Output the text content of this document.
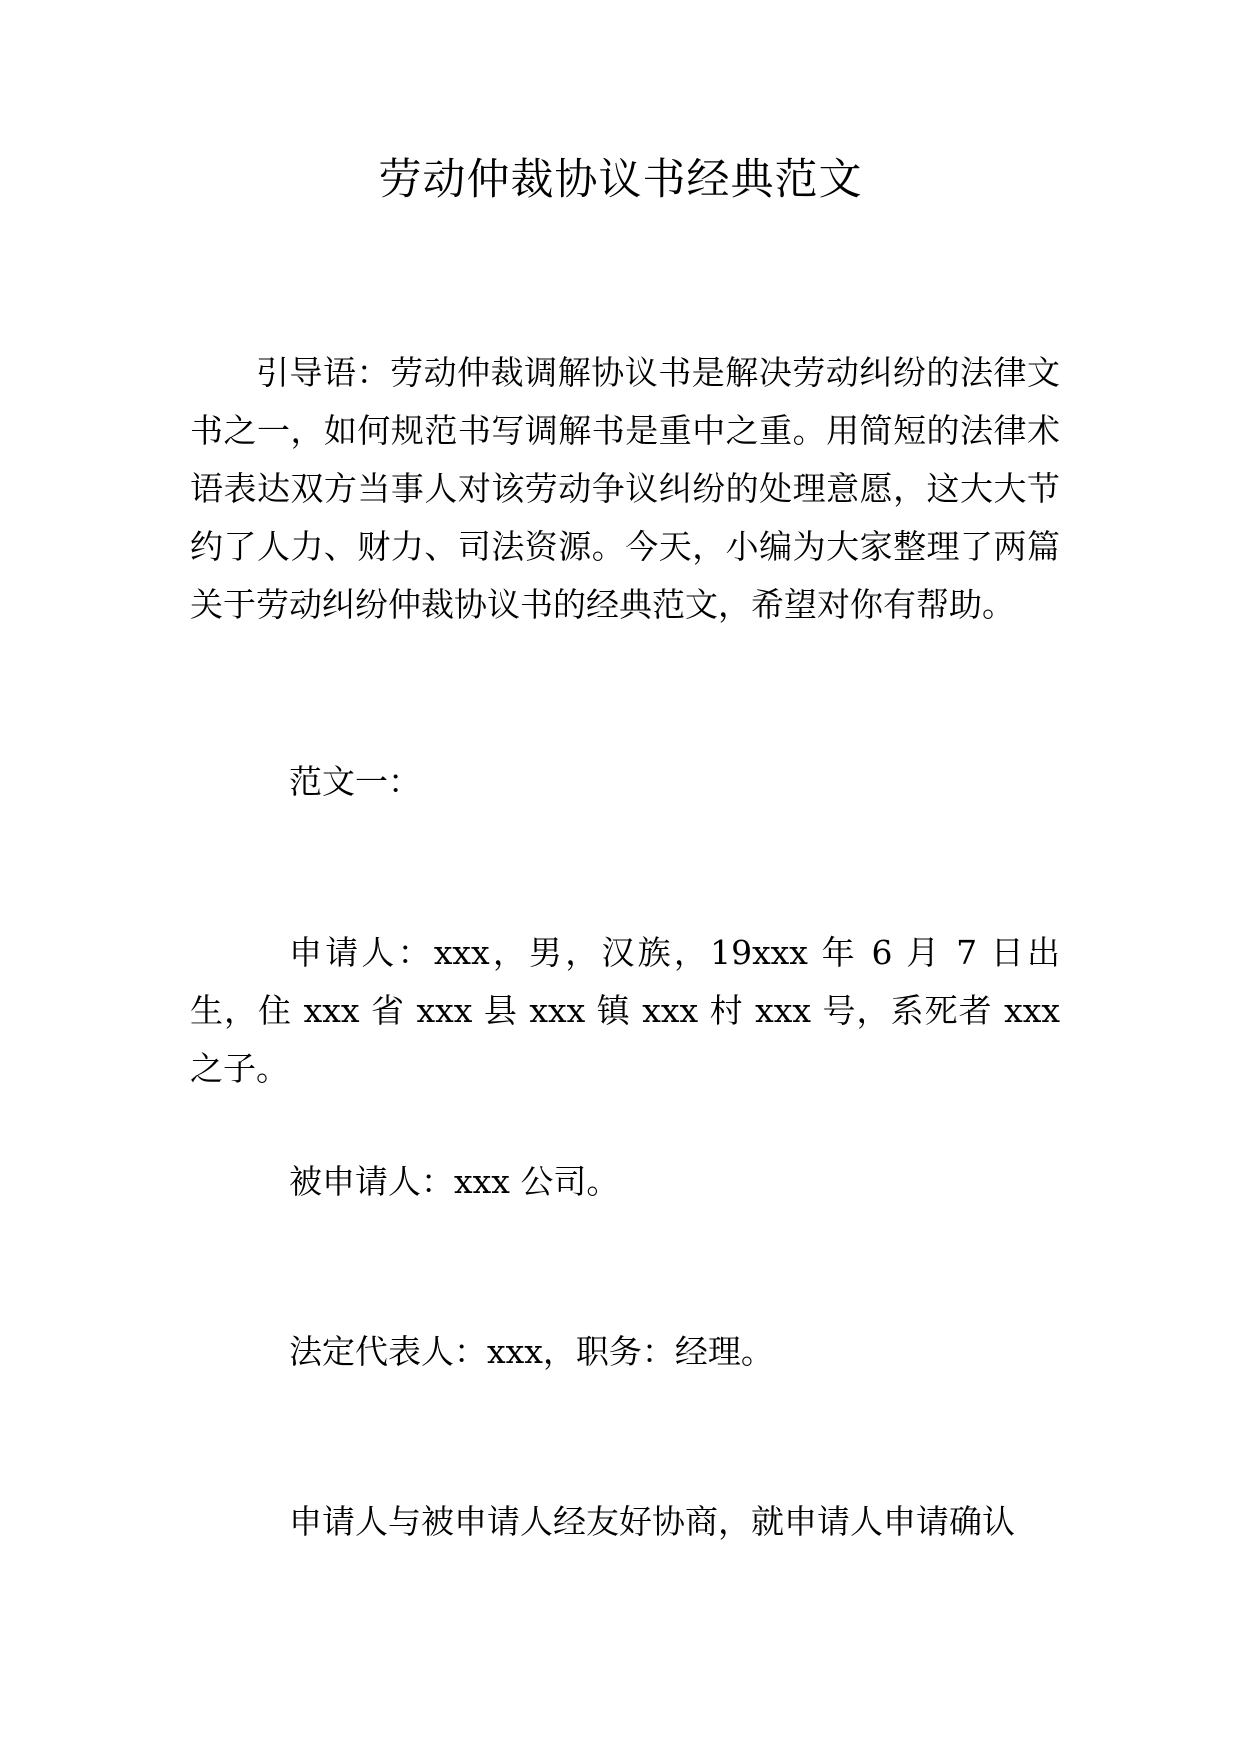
劳动仲裁协议书经典范文

引导语：劳动仲裁调解协议书是解决劳动纠纷的法律文书之一，如何规范书写调解书是重中之重。用简短的法律术语表达双方当事人对该劳动争议纠纷的处理意愿，这大大节约了人力、财力、司法资源。今天，小编为大家整理了两篇关于劳动纠纷仲裁协议书的经典范文，希望对你有帮助。

范文一：

申请人：xxx，男，汉族，19xxx 年 6 月 7 日出生，住 xxx 省 xxx 县 xxx 镇 xxx 村 xxx 号，系死者 xxx 之子。

被申请人：xxx 公司。

法定代表人：xxx，职务：经理。

申请人与被申请人经友好协商，就申请人申请确认
